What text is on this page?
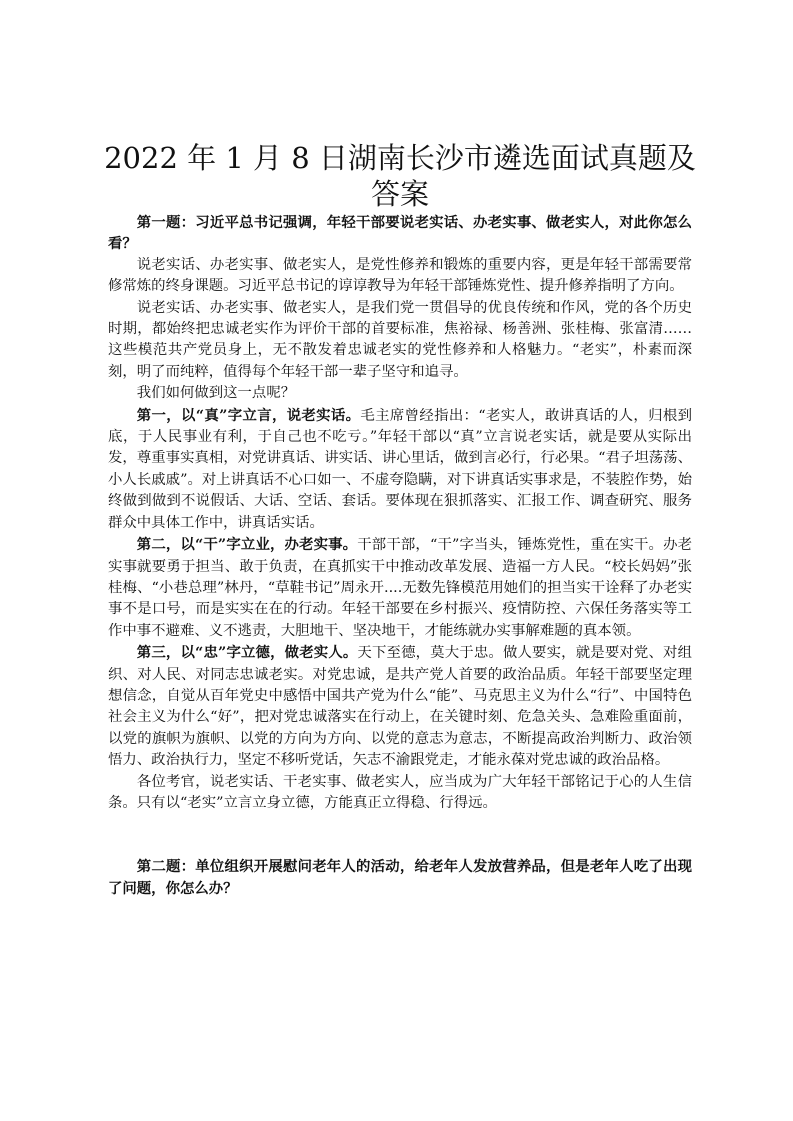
2022 年 1 月 8 日湖南长沙市遴选面试真题及答案

第一题：习近平总书记强调，年轻干部要说老实话、办老实事、做老实人，对此你怎么看？

说老实话、办老实事、做老实人，是党性修养和锻炼的重要内容，更是年轻干部需要常修常炼的终身课题。习近平总书记的谆谆教导为年轻干部锤炼党性、提升修养指明了方向。

说老实话、办老实事、做老实人，是我们党一贯倡导的优良传统和作风，党的各个历史时期，都始终把忠诚老实作为评价干部的首要标准，焦裕禄、杨善洲、张桂梅、张富清……这些模范共产党员身上，无不散发着忠诚老实的党性修养和人格魅力。“老实”，朴素而深刻，明了而纯粹，值得每个年轻干部一辈子坚守和追寻。

我们如何做到这一点呢？

第一，以“真”字立言，说老实话。毛主席曾经指出：“老实人，敢讲真话的人，归根到底，于人民事业有利，于自己也不吃亏。”年轻干部以“真”立言说老实话，就是要从实际出发，尊重事实真相，对党讲真话、讲实话、讲心里话，做到言必行，行必果。“君子坦荡荡、小人长戚戚”。对上讲真话不心口如一、不虚夸隐瞒，对下讲真话实事求是，不装腔作势，始终做到做到不说假话、大话、空话、套话。要体现在狠抓落实、汇报工作、调查研究、服务群众中具体工作中，讲真话实话。

第二，以“干”字立业，办老实事。干部干部，“干”字当头，锤炼党性，重在实干。办老实事就要勇于担当、敢于负责，在真抓实干中推动改革发展、造福一方人民。“校长妈妈”张桂梅、“小巷总理”林丹，“草鞋书记”周永开....无数先锋模范用她们的担当实干诠释了办老实事不是口号，而是实实在在的行动。年轻干部要在乡村振兴、疫情防控、六保任务落实等工作中事不避难、义不逃责，大胆地干、坚决地干，才能练就办实事解难题的真本领。

第三，以“忠”字立德，做老实人。天下至德，莫大于忠。做人要实，就是要对党、对组织、对人民、对同志忠诚老实。对党忠诚，是共产党人首要的政治品质。年轻干部要坚定理想信念，自觉从百年党史中感悟中国共产党为什么“能”、马克思主义为什么“行”、中国特色社会主义为什么“好”，把对党忠诚落实在行动上，在关键时刻、危急关头、急难险重面前，以党的旗帜为旗帜、以党的方向为方向、以党的意志为意志，不断提高政治判断力、政治领悟力、政治执行力，坚定不移听党话，矢志不渝跟党走，才能永葆对党忠诚的政治品格。

各位考官，说老实话、干老实事、做老实人，应当成为广大年轻干部铭记于心的人生信条。只有以“老实”立言立身立德，方能真正立得稳、行得远。

第二题：单位组织开展慰问老年人的活动，给老年人发放营养品，但是老年人吃了出现了问题，你怎么办？
